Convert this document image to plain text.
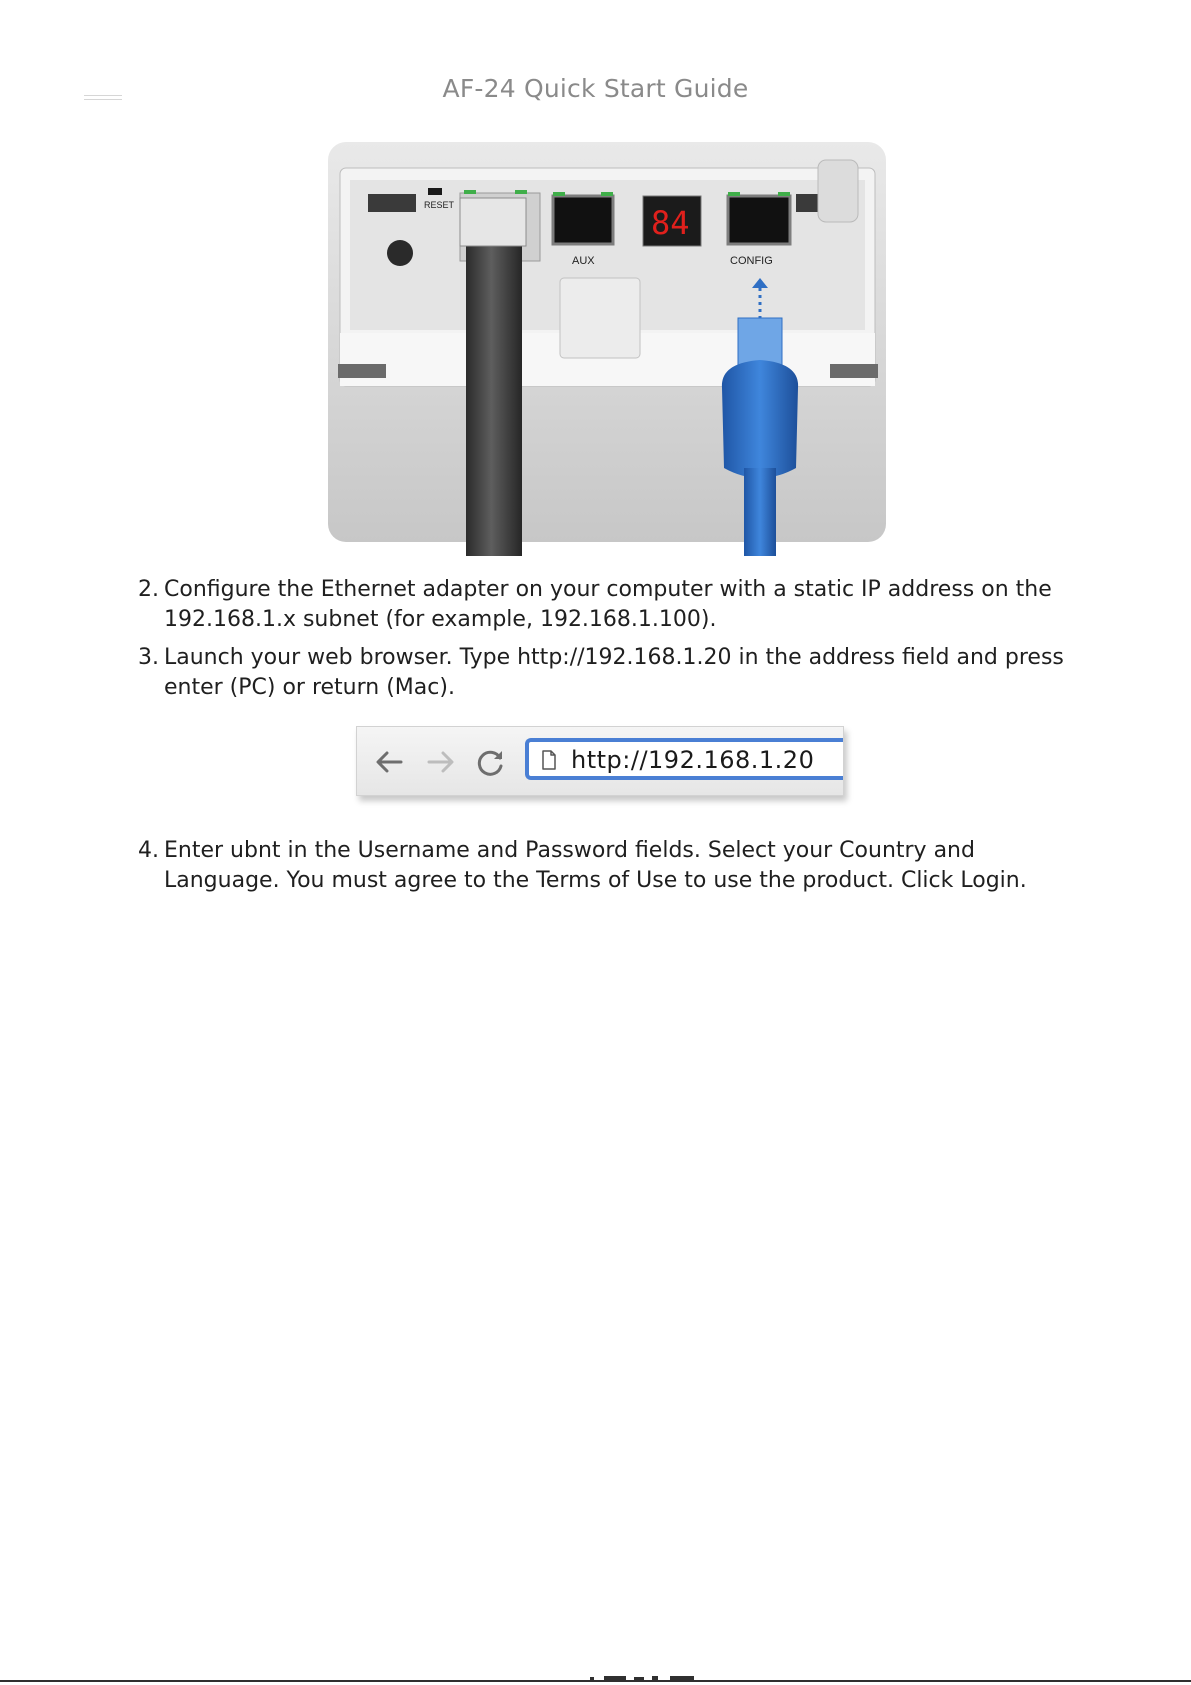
AF-24 Quick Start Guide
RESET
AUX
84
CONFIG
2. Configure the Ethernet adapter on your computer with a static IP address on the 192.168.1.x subnet (for example, 192.168.1.100).
3. Launch your web browser. Type http://192.168.1.20 in the address field and press enter (PC) or return (Mac).
http://192.168.1.20
4. Enter ubnt in the Username and Password fields. Select your Country and Language. You must agree to the Terms of Use to use the product. Click Login.
